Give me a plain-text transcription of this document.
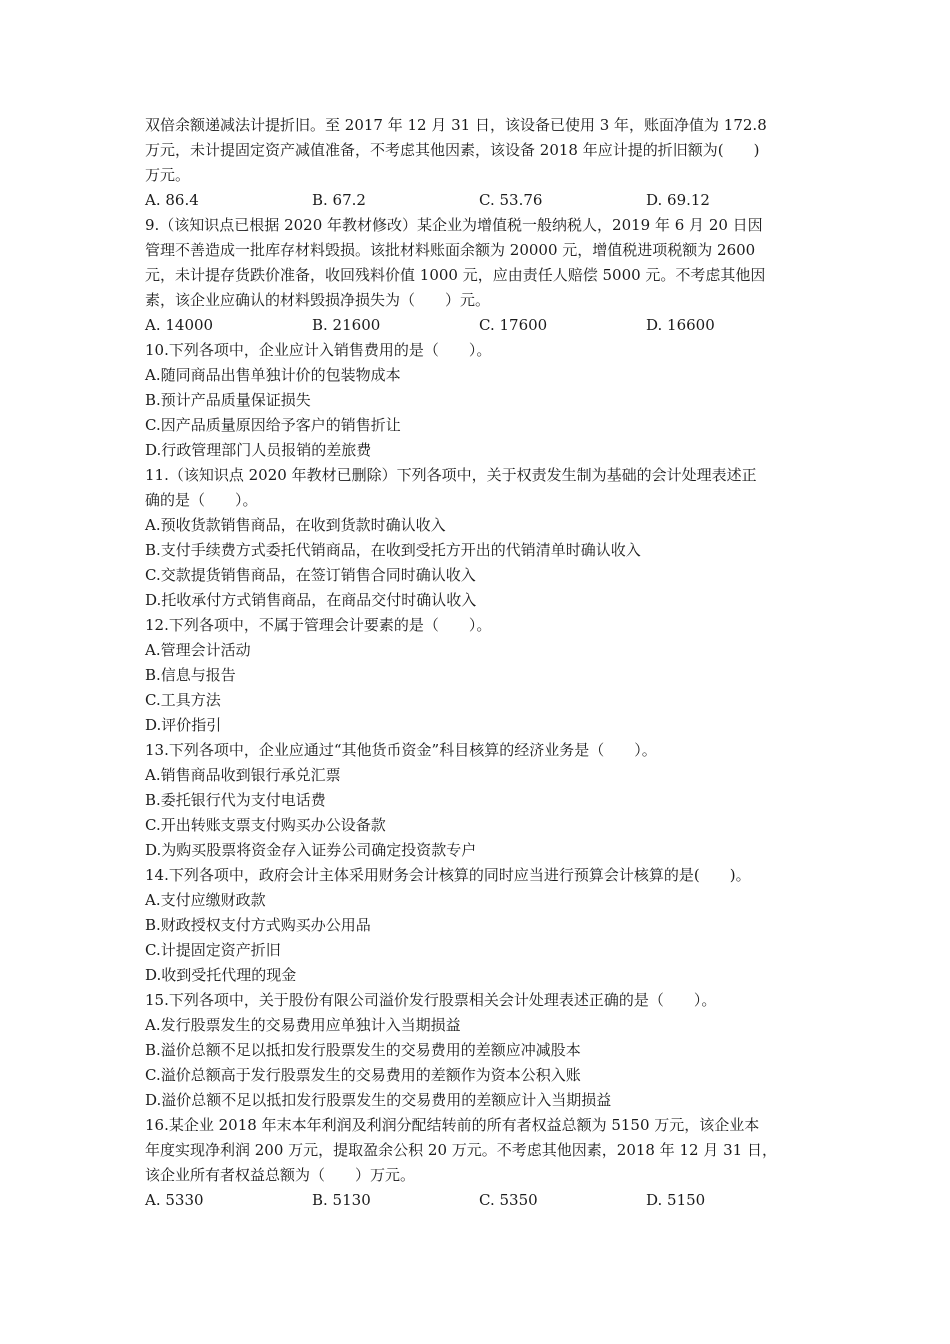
双倍余额递减法计提折旧。至 2017 年 12 月 31 日，该设备已使用 3 年，账面净值为 172.8
万元，未计提固定资产减值准备，不考虑其他因素，该设备 2018 年应计提的折旧额为(　　)
万元。
A. 86.4	B. 67.2	C. 53.76	D. 69.12
9.（该知识点已根据 2020 年教材修改）某企业为增值税一般纳税人，2019 年 6 月 20 日因
管理不善造成一批库存材料毁损。该批材料账面余额为 20000 元，增值税进项税额为 2600
元，未计提存货跌价准备，收回残料价值 1000 元，应由责任人赔偿 5000 元。不考虑其他因
素，该企业应确认的材料毁损净损失为（　　）元。
A. 14000	B. 21600	C. 17600	D. 16600
10.下列各项中，企业应计入销售费用的是（　　）。
A.随同商品出售单独计价的包装物成本
B.预计产品质量保证损失
C.因产品质量原因给予客户的销售折让
D.行政管理部门人员报销的差旅费
11.（该知识点 2020 年教材已删除）下列各项中，关于权责发生制为基础的会计处理表述正
确的是（　　）。
A.预收货款销售商品，在收到货款时确认收入
B.支付手续费方式委托代销商品，在收到受托方开出的代销清单时确认收入
C.交款提货销售商品，在签订销售合同时确认收入
D.托收承付方式销售商品，在商品交付时确认收入
12.下列各项中，不属于管理会计要素的是（　　）。
A.管理会计活动
B.信息与报告
C.工具方法
D.评价指引
13.下列各项中，企业应通过“其他货币资金”科目核算的经济业务是（　　）。
A.销售商品收到银行承兑汇票
B.委托银行代为支付电话费
C.开出转账支票支付购买办公设备款
D.为购买股票将资金存入证券公司确定投资款专户
14.下列各项中，政府会计主体采用财务会计核算的同时应当进行预算会计核算的是(　　)。
A.支付应缴财政款
B.财政授权支付方式购买办公用品
C.计提固定资产折旧
D.收到受托代理的现金
15.下列各项中，关于股份有限公司溢价发行股票相关会计处理表述正确的是（　　）。
A.发行股票发生的交易费用应单独计入当期损益
B.溢价总额不足以抵扣发行股票发生的交易费用的差额应冲减股本
C.溢价总额高于发行股票发生的交易费用的差额作为资本公积入账
D.溢价总额不足以抵扣发行股票发生的交易费用的差额应计入当期损益
16.某企业 2018 年末本年利润及利润分配结转前的所有者权益总额为 5150 万元，该企业本
年度实现净利润 200 万元，提取盈余公积 20 万元。不考虑其他因素，2018 年 12 月 31 日，
该企业所有者权益总额为（　　）万元。
A. 5330	B. 5130	C. 5350	D. 5150
